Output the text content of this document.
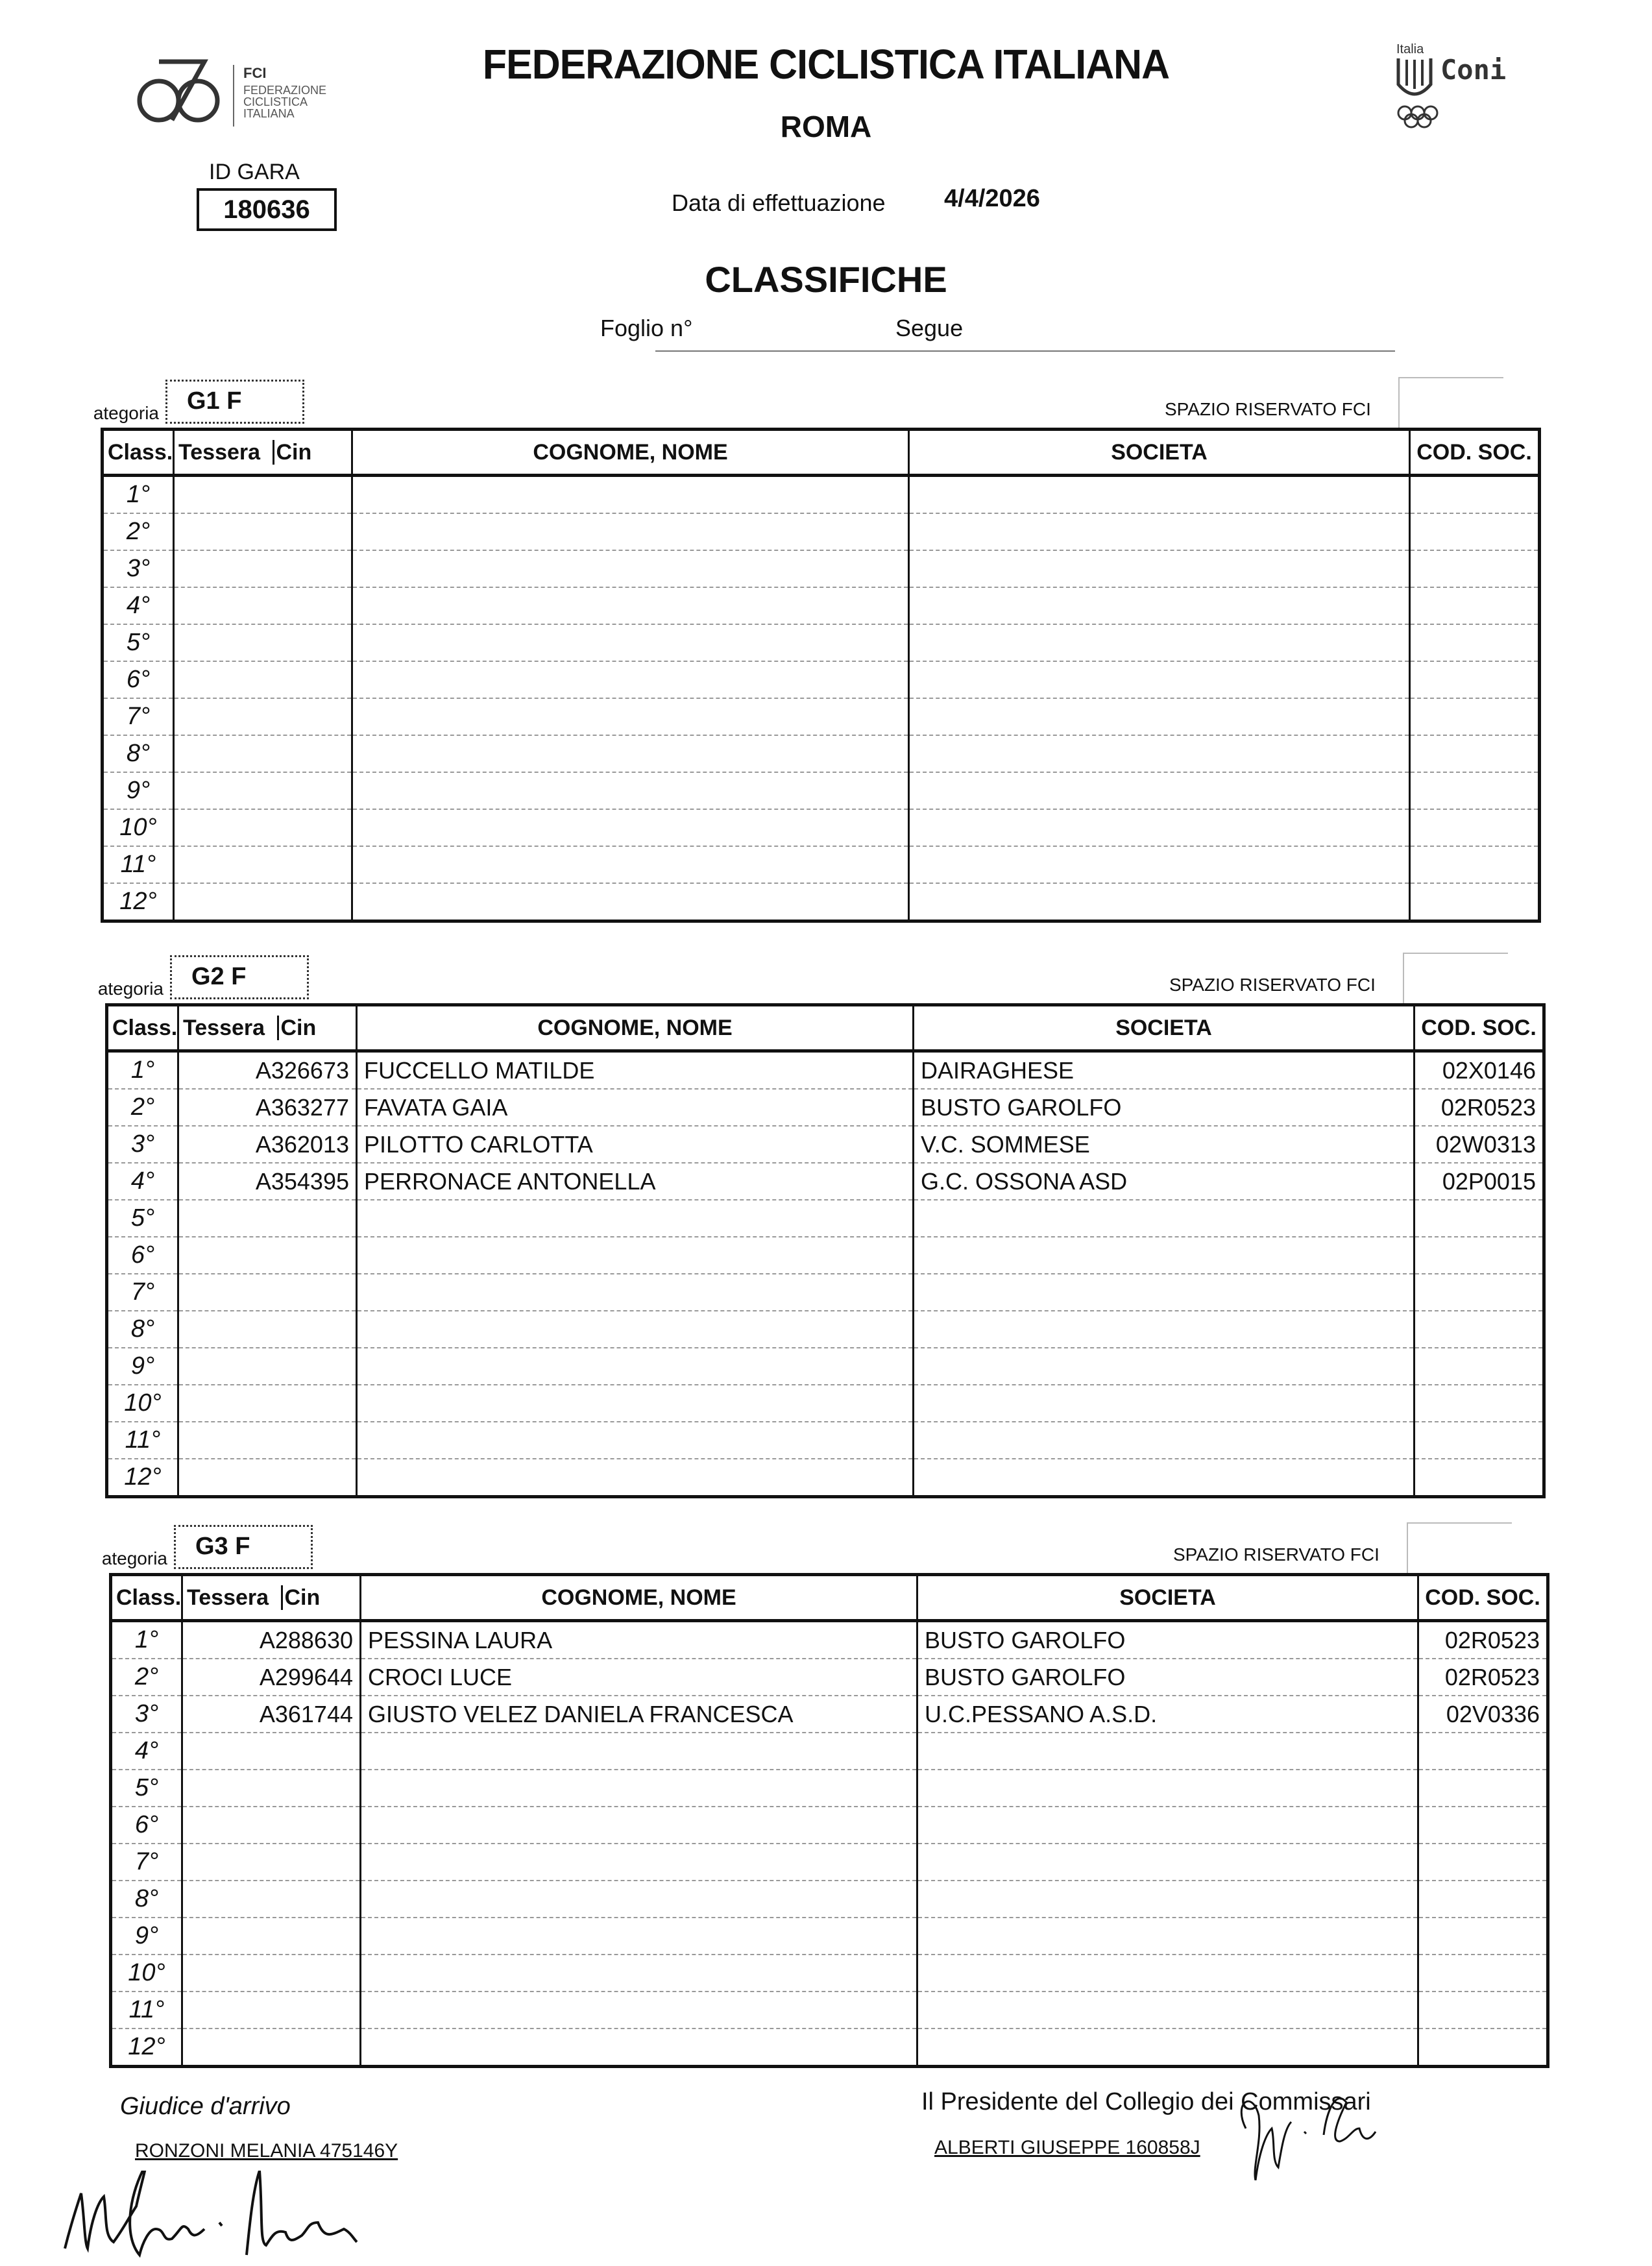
FCI
FEDERAZIONE
CICLISTICA
ITALIANA
Italia
Coni
FEDERAZIONE CICLISTICA ITALIANA
ROMA
ID GARA
180636	Data di effettuazione 4/4/2026
CLASSIFICHE
Foglio n°	Segue
ategoria	G1 F	SPAZIO RISERVATO FCI
Class.	Tessera Cin	COGNOME, NOME	SOCIETA	COD. SOC.
1°				
2°				
3°				
4°				
5°				
6°				
7°				
8°				
9°				
10°				
11°				
12°				
ategoria	G2 F	SPAZIO RISERVATO FCI
Class.	Tessera Cin	COGNOME, NOME	SOCIETA	COD. SOC.
1°	A326673	FUCCELLO MATILDE	DAIRAGHESE	02X0146
2°	A363277	FAVATA GAIA	BUSTO GAROLFO	02R0523
3°	A362013	PILOTTO CARLOTTA	V.C. SOMMESE	02W0313
4°	A354395	PERRONACE ANTONELLA	G.C. OSSONA ASD	02P0015
5°				
6°				
7°				
8°				
9°				
10°				
11°				
12°				
ategoria	G3 F	SPAZIO RISERVATO FCI
Class.	Tessera Cin	COGNOME, NOME	SOCIETA	COD. SOC.
1°	A288630	PESSINA LAURA	BUSTO GAROLFO	02R0523
2°	A299644	CROCI LUCE	BUSTO GAROLFO	02R0523
3°	A361744	GIUSTO VELEZ DANIELA FRANCESCA	U.C.PESSANO A.S.D.	02V0336
4°				
5°				
6°				
7°				
8°				
9°				
10°				
11°				
12°				
Giudice d'arrivo
RONZONI MELANIA 475146Y
Il Presidente del Collegio dei Commissari
ALBERTI GIUSEPPE 160858J
